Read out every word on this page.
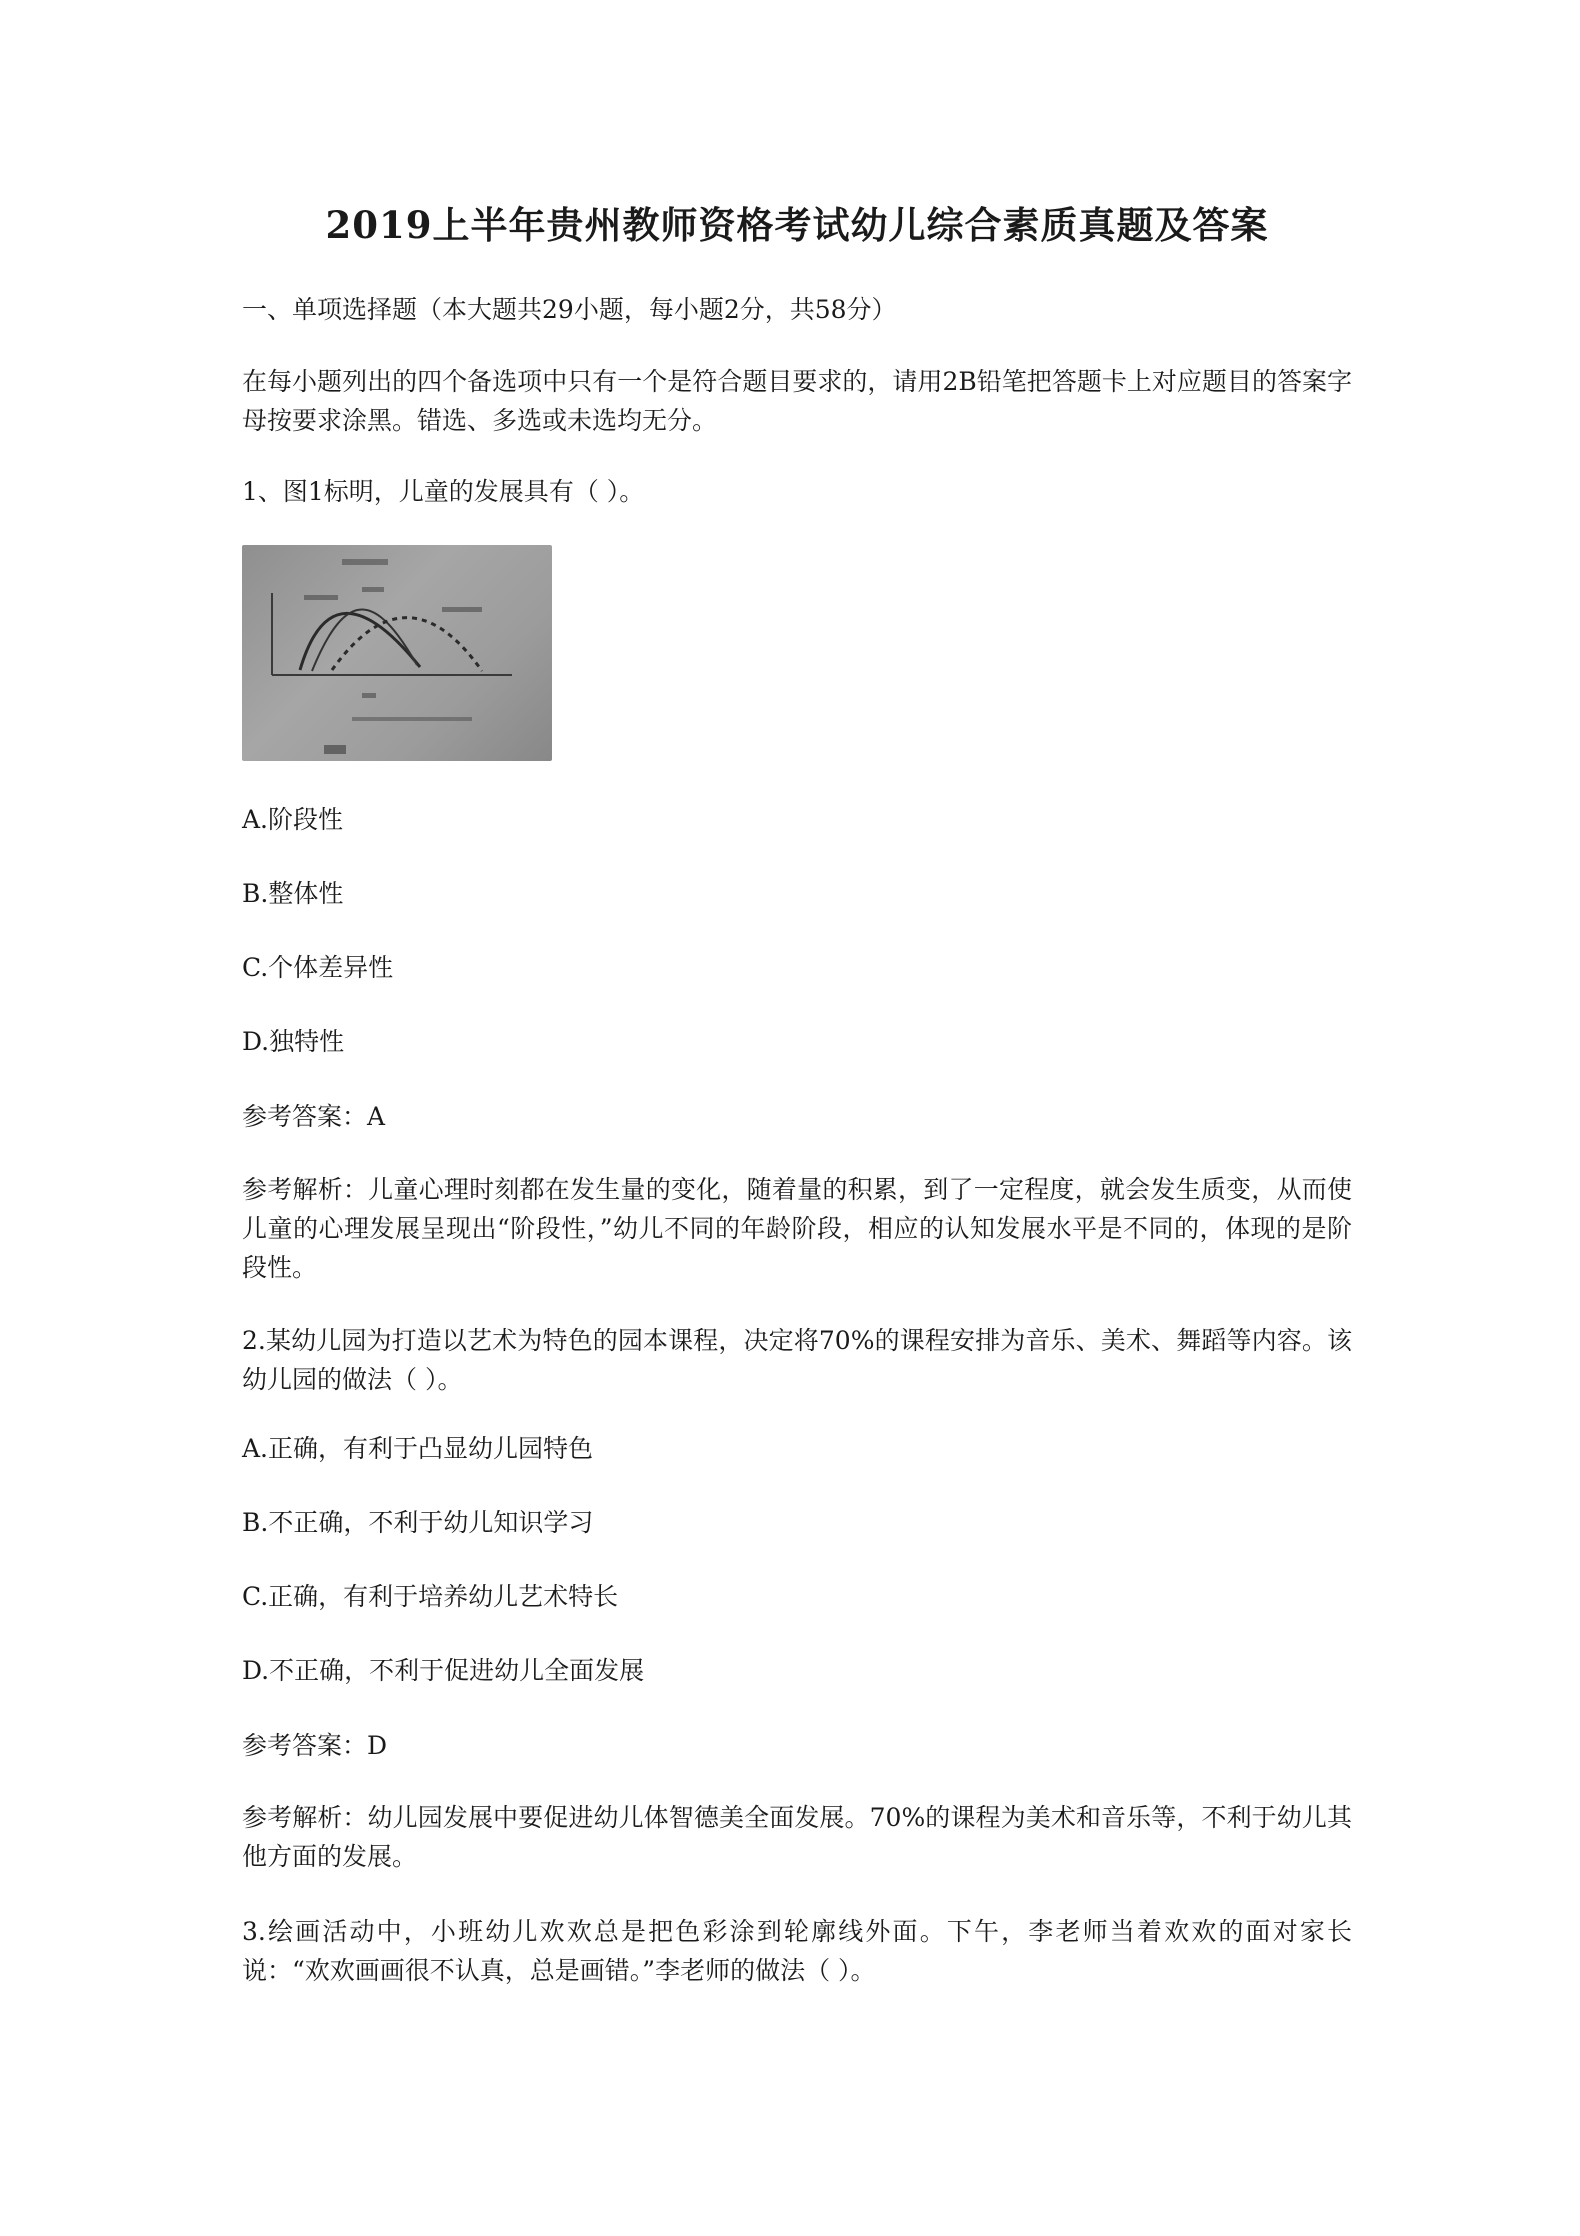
2019上半年贵州教师资格考试幼儿综合素质真题及答案

一、单项选择题（本大题共29小题，每小题2分，共58分）

在每小题列出的四个备选项中只有一个是符合题目要求的，请用2B铅笔把答题卡上对应题目的答案字母按要求涂黑。错选、多选或未选均无分。

1、图1标明，儿童的发展具有（ ）。

A.阶段性

B.整体性

C.个体差异性

D.独特性

参考答案：A

参考解析：儿童心理时刻都在发生量的变化，随着量的积累，到了一定程度，就会发生质变，从而使儿童的心理发展呈现出“阶段性，”幼儿不同的年龄阶段，相应的认知发展水平是不同的，体现的是阶段性。

2.某幼儿园为打造以艺术为特色的园本课程，决定将70%的课程安排为音乐、美术、舞蹈等内容。该幼儿园的做法（ ）。

A.正确，有利于凸显幼儿园特色

B.不正确，不利于幼儿知识学习

C.正确，有利于培养幼儿艺术特长

D.不正确，不利于促进幼儿全面发展

参考答案：D

参考解析：幼儿园发展中要促进幼儿体智德美全面发展。70%的课程为美术和音乐等，不利于幼儿其他方面的发展。

3.绘画活动中，小班幼儿欢欢总是把色彩涂到轮廓线外面。下午，李老师当着欢欢的面对家长说：“欢欢画画很不认真，总是画错。”李老师的做法（ ）。
